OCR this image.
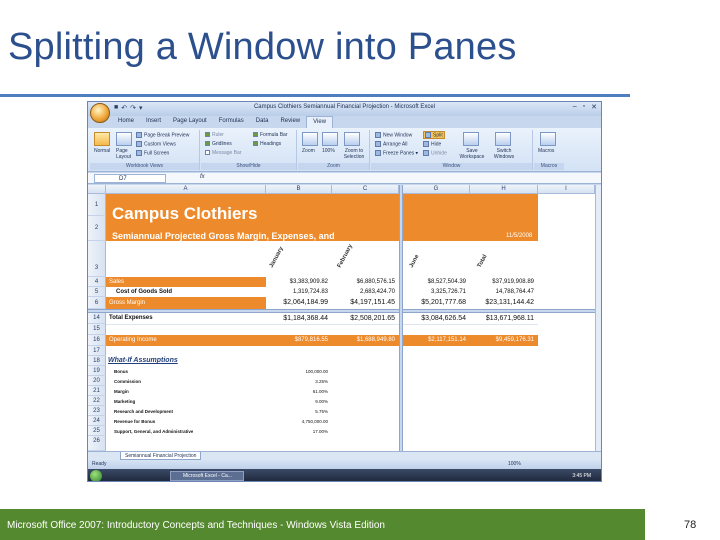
Splitting a Window into Panes
■ ↶ ↷ ▾	Campus Clothiers Semiannual Financial Projection - Microsoft Excel	– ▫ ✕
Home	Insert	Page Layout	Formulas	Data	Review	View
Normal Page Layout
Page Break Preview
Custom Views
Full Screen
Workbook Views
Ruler
Gridlines
Message Bar
Formula Bar
Headings
Show/Hide
Zoom 100%	Zoom to Selection
Zoom
New Window
Arrange All
Freeze Panes ▾
Split
Hide
Unhide	Save Workspace
Switch Windows
Window
Macros
Macros
D7	fx
A	B	C	G	H	I
Campus Clothiers
Semiannual Projected Gross Margin, Expenses, and	11/5/2008
1
2
3
4
5
6
January	February	June	Total
Sales	$3,383,909.82	$6,880,576.15	$8,527,504.39	$37,919,908.89
Cost of Goods Sold	1,319,724.83	2,683,424.70	3,325,726.71	14,788,764.47
Gross Margin	$2,064,184.99	$4,197,151.45	$5,201,777.68	$23,131,144.42
14
15
16
17
18
19
20
21
22
23
24
25
26
Total Expenses	$1,184,368.44	$2,508,201.65	$3,084,626.54	$13,671,968.11
Operating Income	$879,816.55	$1,688,949.80	$2,117,151.14	$9,459,176.31
What-If Assumptions
Bonus	100,000.00
Commission	3.25%
Margin	61.00%
Marketing	9.00%
Research and Development	5.75%
Revenue for Bonus	4,750,000.00
Support, General, and Administrative	17.00%
Semiannual Financial Projection
Ready	100%
Microsoft Excel - Ca...	3:45 PM
Microsoft Office 2007: Introductory Concepts and Techniques - Windows Vista Edition	78
